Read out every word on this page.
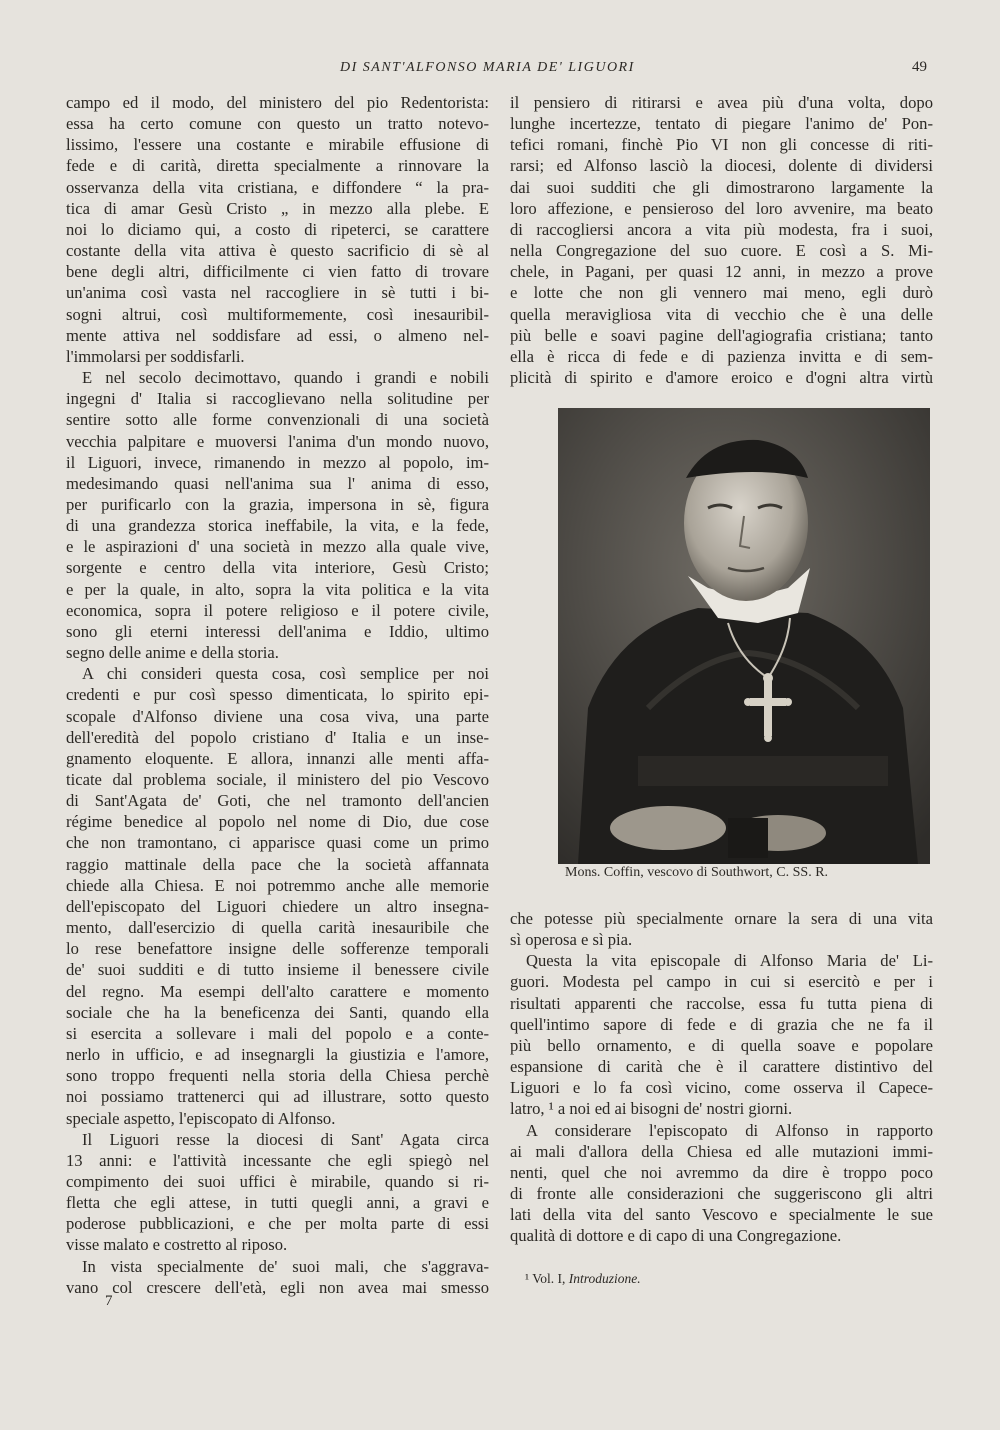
DI SANT'ALFONSO MARIA DE' LIGUORI	49

campo ed il modo, del ministero del pio Redentorista:

essa ha certo comune con questo un tratto notevo-

lissimo, l'essere una costante e mirabile effusione di

fede e di carità, diretta specialmente a rinnovare la

osservanza della vita cristiana, e diffondere “ la pra-

tica di amar Gesù Cristo „ in mezzo alla plebe. E

noi lo diciamo qui, a costo di ripeterci, se carattere

costante della vita attiva è questo sacrificio di sè al

bene degli altri, difficilmente ci vien fatto di trovare

un'anima così vasta nel raccogliere in sè tutti i bi-

sogni altrui, così multiformemente, così inesauribil-

mente attiva nel soddisfare ad essi, o almeno nel-

l'immolarsi per soddisfarli.

E nel secolo decimottavo, quando i grandi e nobili

ingegni d' Italia si raccoglievano nella solitudine per

sentire sotto alle forme convenzionali di una società

vecchia palpitare e muoversi l'anima d'un mondo nuovo,

il Liguori, invece, rimanendo in mezzo al popolo, im-

medesimando quasi nell'anima sua l' anima di esso,

per purificarlo con la grazia, impersona in sè, figura

di una grandezza storica ineffabile, la vita, e la fede,

e le aspirazioni d' una società in mezzo alla quale vive,

sorgente e centro della vita interiore, Gesù Cristo;

e per la quale, in alto, sopra la vita politica e la vita

economica, sopra il potere religioso e il potere civile,

sono gli eterni interessi dell'anima e Iddio, ultimo

segno delle anime e della storia.

A chi consideri questa cosa, così semplice per noi

credenti e pur così spesso dimenticata, lo spirito epi-

scopale d'Alfonso diviene una cosa viva, una parte

dell'eredità del popolo cristiano d' Italia e un inse-

gnamento eloquente. E allora, innanzi alle menti affa-

ticate dal problema sociale, il ministero del pio Vescovo

di Sant'Agata de' Goti, che nel tramonto dell'ancien

régime benedice al popolo nel nome di Dio, due cose

che non tramontano, ci apparisce quasi come un primo

raggio mattinale della pace che la società affannata

chiede alla Chiesa. E noi potremmo anche alle memorie

dell'episcopato del Liguori chiedere un altro insegna-

mento, dall'esercizio di quella carità inesauribile che

lo rese benefattore insigne delle sofferenze temporali

de' suoi sudditi e di tutto insieme il benessere civile

del regno. Ma esempi dell'alto carattere e momento

sociale che ha la beneficenza dei Santi, quando ella

si esercita a sollevare i mali del popolo e a conte-

nerlo in ufficio, e ad insegnargli la giustizia e l'amore,

sono troppo frequenti nella storia della Chiesa perchè

noi possiamo trattenerci qui ad illustrare, sotto questo

speciale aspetto, l'episcopato di Alfonso.

Il Liguori resse la diocesi di Sant' Agata circa

13 anni: e l'attività incessante che egli spiegò nel

compimento dei suoi uffici è mirabile, quando si ri-

fletta che egli attese, in tutti quegli anni, a gravi e

poderose pubblicazioni, e che per molta parte di essi

visse malato e costretto al riposo.

In vista specialmente de' suoi mali, che s'aggrava-

vano col crescere dell'età, egli non avea mai smesso

il pensiero di ritirarsi e avea più d'una volta, dopo

lunghe incertezze, tentato di piegare l'animo de' Pon-

tefici romani, finchè Pio VI non gli concesse di riti-

rarsi; ed Alfonso lasciò la diocesi, dolente di dividersi

dai suoi sudditi che gli dimostrarono largamente la

loro affezione, e pensieroso del loro avvenire, ma beato

di raccogliersi ancora a vita più modesta, fra i suoi,

nella Congregazione del suo cuore. E così a S. Mi-

chele, in Pagani, per quasi 12 anni, in mezzo a prove

e lotte che non gli vennero mai meno, egli durò

quella meravigliosa vita di vecchio che è una delle

più belle e soavi pagine dell'agiografia cristiana; tanto

ella è ricca di fede e di pazienza invitta e di sem-

plicità di spirito e d'amore eroico e d'ogni altra virtù

Mons. Coffin, vescovo di Southwort, C. SS. R.

che potesse più specialmente ornare la sera di una vita

sì operosa e sì pia.

Questa la vita episcopale di Alfonso Maria de' Li-

guori. Modesta pel campo in cui si esercitò e per i

risultati apparenti che raccolse, essa fu tutta piena di

quell'intimo sapore di fede e di grazia che ne fa il

più bello ornamento, e di quella soave e popolare

espansione di carità che è il carattere distintivo del

Liguori e lo fa così vicino, come osserva il Capece-

latro, ¹ a noi ed ai bisogni de' nostri giorni.

A considerare l'episcopato di Alfonso in rapporto

ai mali d'allora della Chiesa ed alle mutazioni immi-

nenti, quel che noi avremmo da dire è troppo poco

di fronte alle considerazioni che suggeriscono gli altri

lati della vita del santo Vescovo e specialmente le sue

qualità di dottore e di capo di una Congregazione.

¹ Vol. I, Introduzione.
7
